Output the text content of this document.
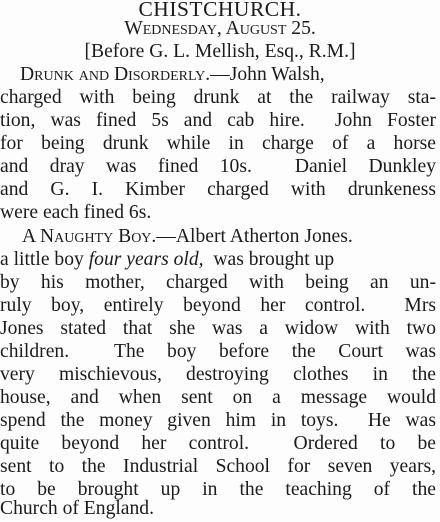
CHISTCHURCH.
Wednesday, August 25.
[Before G. L. Mellish, Esq., R.M.]
Drunk and Disorderly.—John Walsh,
charged with being drunk at the railway sta-
tion, was fined 5s and cab hire.  John Foster
for being drunk while in charge of a horse
and dray was fined 10s.  Daniel Dunkley
and G. I. Kimber charged with drunkeness
were each fined 6s.
A Naughty Boy.—Albert Atherton Jones.
a little boy four years old,  was brought up
by his mother, charged with being an un-
ruly boy, entirely beyond her control.  Mrs
Jones stated that she was a widow with two
children.  The boy before the Court was
very mischievous, destroying clothes in the
house, and when sent on a message would
spend the money given him in toys.  He was
quite beyond her control.  Ordered to be
sent to the Industrial School for seven years,
to be brought up in the teaching of the
Church of England.
